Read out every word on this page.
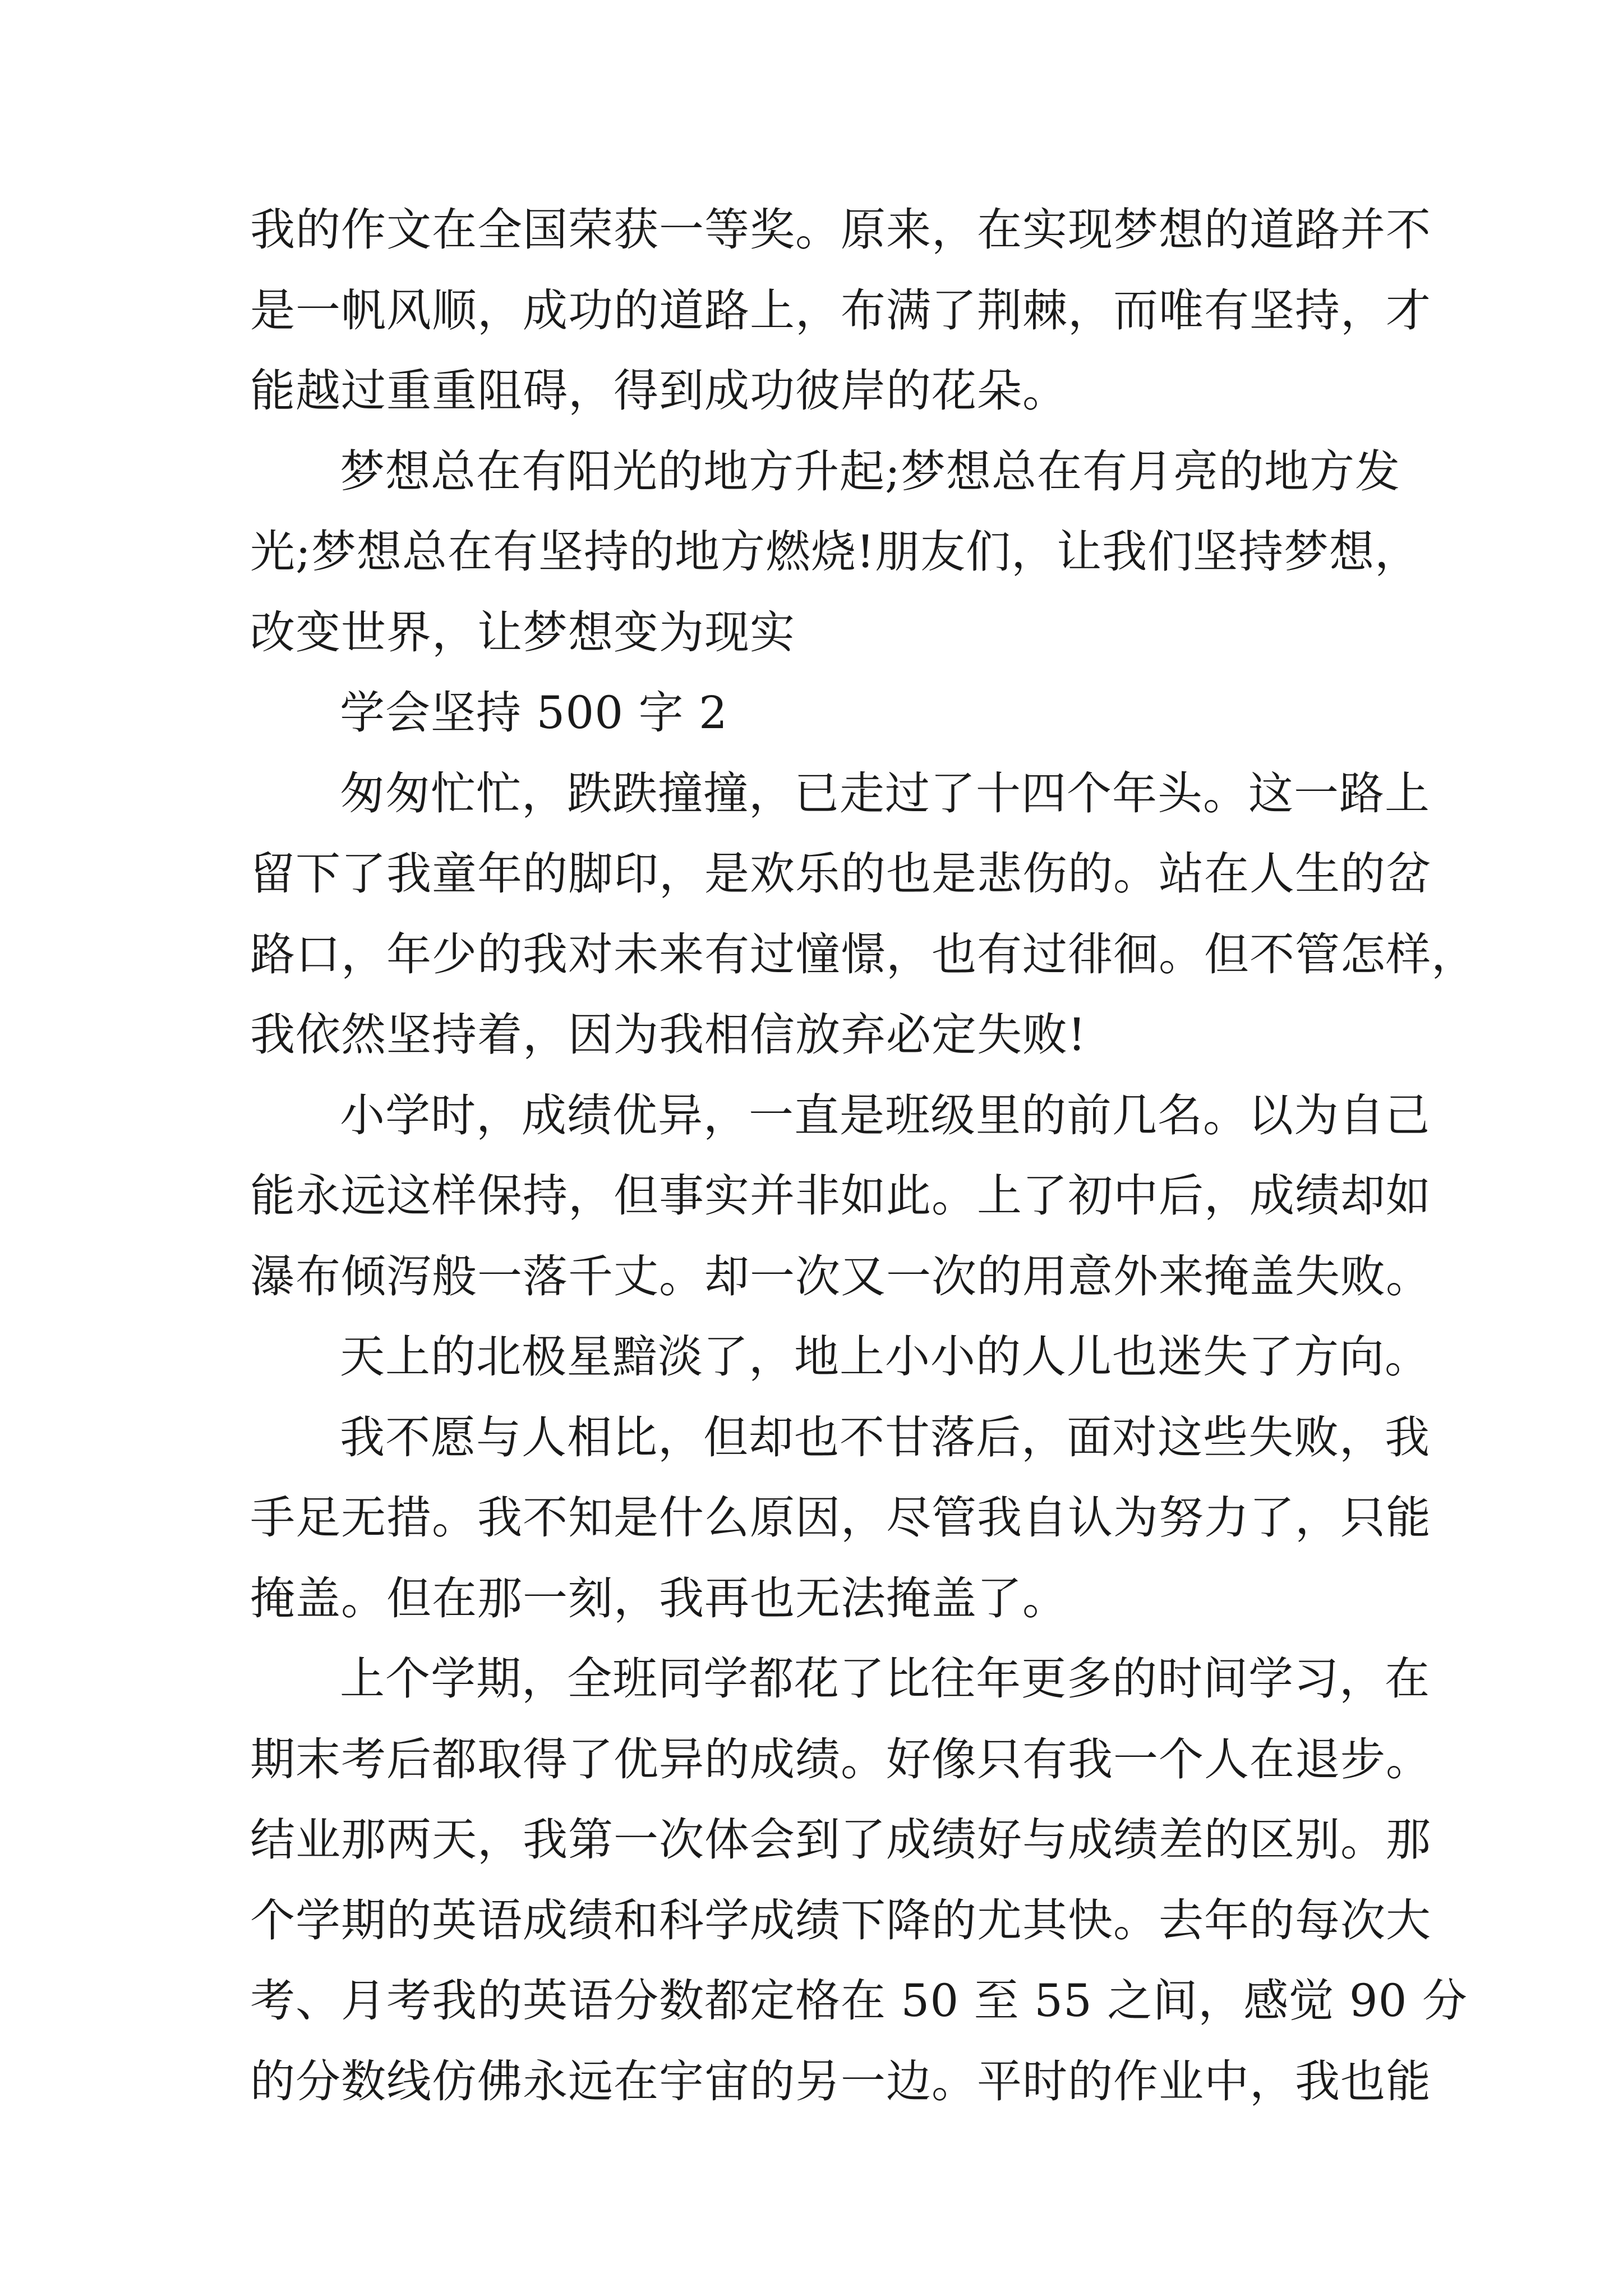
我的作文在全国荣获一等奖。原来，在实现梦想的道路并不
是一帆风顺，成功的道路上，布满了荆棘，而唯有坚持，才
能越过重重阻碍，得到成功彼岸的花朵。
梦想总在有阳光的地方升起;梦想总在有月亮的地方发
光;梦想总在有坚持的地方燃烧!朋友们，让我们坚持梦想，
改变世界，让梦想变为现实
学会坚持 500 字 2
匆匆忙忙，跌跌撞撞，已走过了十四个年头。这一路上
留下了我童年的脚印，是欢乐的也是悲伤的。站在人生的岔
路口，年少的我对未来有过憧憬，也有过徘徊。但不管怎样，
我依然坚持着，因为我相信放弃必定失败!
小学时，成绩优异，一直是班级里的前几名。以为自己
能永远这样保持，但事实并非如此。上了初中后，成绩却如
瀑布倾泻般一落千丈。却一次又一次的用意外来掩盖失败。
天上的北极星黯淡了，地上小小的人儿也迷失了方向。
我不愿与人相比，但却也不甘落后，面对这些失败，我
手足无措。我不知是什么原因，尽管我自认为努力了，只能
掩盖。但在那一刻，我再也无法掩盖了。
上个学期，全班同学都花了比往年更多的时间学习，在
期末考后都取得了优异的成绩。好像只有我一个人在退步。
结业那两天，我第一次体会到了成绩好与成绩差的区别。那
个学期的英语成绩和科学成绩下降的尤其快。去年的每次大
考、月考我的英语分数都定格在 50 至 55 之间，感觉 90 分
的分数线仿佛永远在宇宙的另一边。平时的作业中，我也能
